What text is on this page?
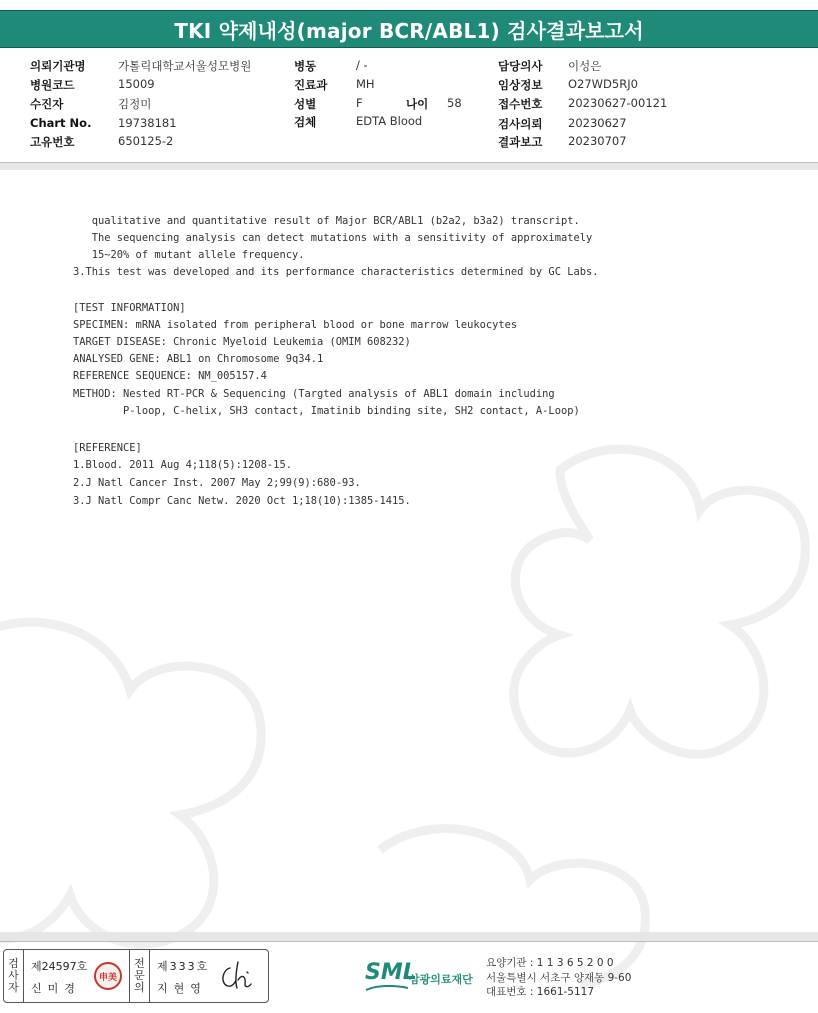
TKI 약제내성(major BCR/ABL1) 검사결과보고서
의뢰기관명	가톨릭대학교서울성모병원
병원코드	15009
수진자	김정미
Chart No. 19738181
고유번호	650125-2
병동	/ -
진료과 MH
성별	F	나이 58
검체	EDTA Blood
담당의사 이성은
임상정보 O27WD5RJ0
접수번호 20230627-00121
검사의뢰 20230627
결과보고 20230707
qualitative and quantitative result of Major BCR/ABL1 (b2a2, b3a2) transcript.
The sequencing analysis can detect mutations with a sensitivity of approximately
15~20% of mutant allele frequency.
3.This test was developed and its performance characteristics determined by GC Labs.
[TEST INFORMATION]
SPECIMEN: mRNA isolated from peripheral blood or bone marrow leukocytes
TARGET DISEASE: Chronic Myeloid Leukemia (OMIM 608232)
ANALYSED GENE: ABL1 on Chromosome 9q34.1
REFERENCE SEQUENCE: NM_005157.4
METHOD: Nested RT-PCR & Sequencing (Targted analysis of ABL1 domain including
P-loop, C-helix, SH3 contact, Imatinib binding site, SH2 contact, A-Loop)
[REFERENCE]
1.Blood. 2011 Aug 4;118(5):1208-15.
2.J Natl Cancer Inst. 2007 May 2;99(9):680-93.
3.J Natl Compr Canc Netw. 2020 Oct 1;18(10):1385-1415.
검
사
자
제24597호
신미경
申美
전
문
의
제333호
지현영
SML
삼광의료재단
요양기관 : 1 1 3 6 5 2 0 0
서울특별시 서초구 양재동 9-60
대표번호 : 1661-5117
